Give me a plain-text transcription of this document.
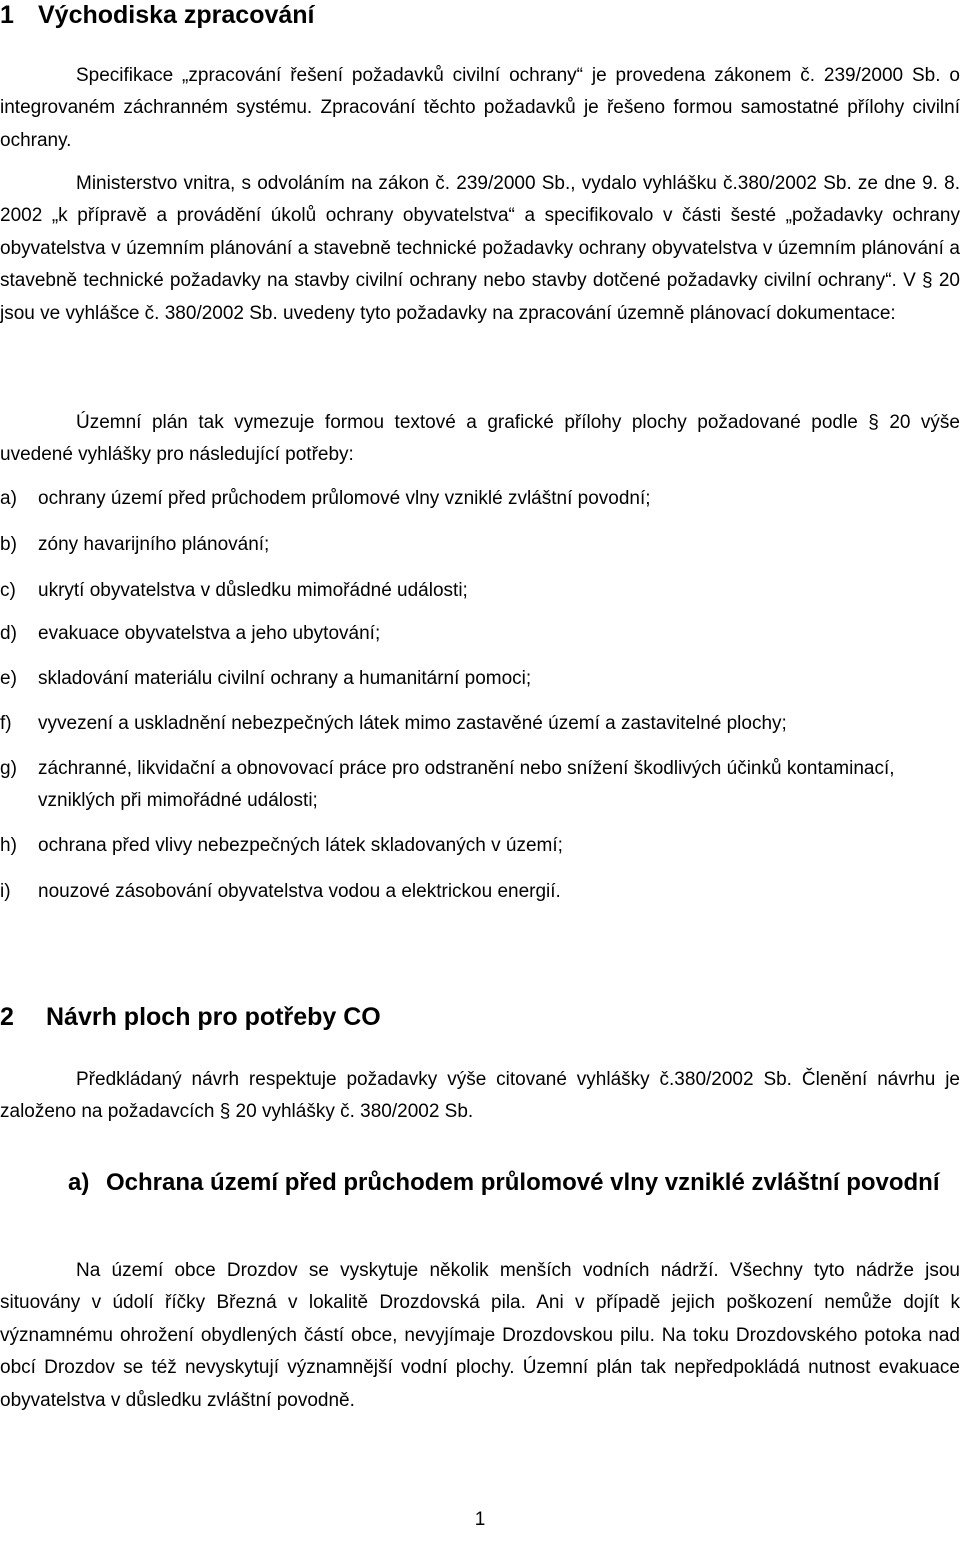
1 Východiska zpracování

Specifikace „zpracování řešení požadavků civilní ochrany“ je provedena zákonem č. 239/2000 Sb. o integrovaném záchranném systému. Zpracování těchto požadavků je řešeno formou samostatné přílohy civilní ochrany.

Ministerstvo vnitra, s odvoláním na zákon č. 239/2000 Sb., vydalo vyhlášku č.380/2002 Sb. ze dne 9. 8. 2002 „k přípravě a provádění úkolů ochrany obyvatelstva“ a specifikovalo v části šesté „požadavky ochrany obyvatelstva v územním plánování a stavebně technické požadavky ochrany obyvatelstva v územním plánování a stavebně technické požadavky na stavby civilní ochrany nebo stavby dotčené požadavky civilní ochrany“. V § 20 jsou ve vyhlášce č. 380/2002 Sb. uvedeny tyto požadavky na zpracování územně plánovací dokumentace:

Územní plán tak vymezuje formou textové a grafické přílohy plochy požadované podle § 20 výše uvedené vyhlášky pro následující potřeby:

a) ochrany území před průchodem průlomové vlny vzniklé zvláštní povodní;
b) zóny havarijního plánování;
c) ukrytí obyvatelstva v důsledku mimořádné události;
d) evakuace obyvatelstva a jeho ubytování;
e) skladování materiálu civilní ochrany a humanitární pomoci;
f) vyvezení a uskladnění nebezpečných látek mimo zastavěné území a zastavitelné plochy;
g) záchranné, likvidační a obnovovací práce pro odstranění nebo snížení škodlivých účinků kontaminací, vzniklých při mimořádné události;
h) ochrana před vlivy nebezpečných látek skladovaných v území;
i) nouzové zásobování obyvatelstva vodou a elektrickou energií.
2 Návrh ploch pro potřeby CO

Předkládaný návrh respektuje požadavky výše citované vyhlášky č.380/2002 Sb. Členění návrhu je založeno na požadavcích § 20 vyhlášky č. 380/2002 Sb.

a) Ochrana území před průchodem průlomové vlny vzniklé zvláštní povodní

Na území obce Drozdov se vyskytuje několik menších vodních nádrží. Všechny tyto nádrže jsou situovány v údolí říčky Březná v lokalitě Drozdovská pila. Ani v případě jejich poškození nemůže dojít k významnému ohrožení obydlených částí obce, nevyjímaje Drozdovskou pilu. Na toku Drozdovského potoka nad obcí Drozdov se též nevyskytují významnější vodní plochy. Územní plán tak nepředpokládá nutnost evakuace obyvatelstva v důsledku zvláštní povodně.

1
